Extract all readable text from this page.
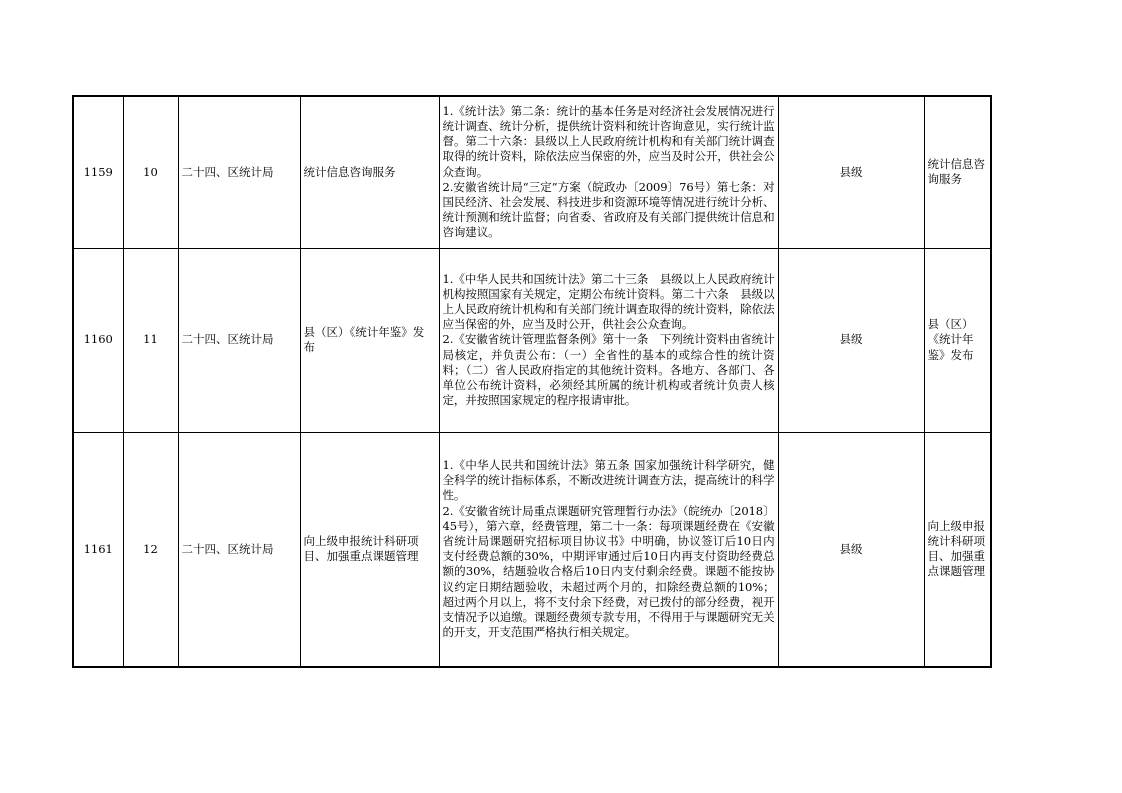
1159	10	二十四、区统计局	统计信息咨询服务	1.《统计法》第二条：统计的基本任务是对经济社会发展情况进行统计调查、统计分析，提供统计资料和统计咨询意见，实行统计监督。第二十六条：县级以上人民政府统计机构和有关部门统计调查取得的统计资料，除依法应当保密的外，应当及时公开，供社会公众查询。
2.安徽省统计局“三定”方案（皖政办〔2009〕76号）第七条：对国民经济、社会发展、科技进步和资源环境等情况进行统计分析、统计预测和统计监督；向省委、省政府及有关部门提供统计信息和咨询建议。	县级	统计信息咨询服务
1160	11	二十四、区统计局	县（区）《统计年鉴》发布	1.《中华人民共和国统计法》第二十三条　县级以上人民政府统计机构按照国家有关规定，定期公布统计资料。第二十六条　县级以上人民政府统计机构和有关部门统计调查取得的统计资料，除依法应当保密的外，应当及时公开，供社会公众查询。
2.《安徽省统计管理监督条例》第十一条　下列统计资料由省统计局核定，并负责公布：（一）全省性的基本的或综合性的统计资料；（二）省人民政府指定的其他统计资料。各地方、各部门、各单位公布统计资料，必须经其所属的统计机构或者统计负责人核定，并按照国家规定的程序报请审批。	县级	县（区）《统计年鉴》发布
1161	12	二十四、区统计局	向上级申报统计科研项目、加强重点课题管理	1.《中华人民共和国统计法》第五条 国家加强统计科学研究，健全科学的统计指标体系，不断改进统计调查方法，提高统计的科学性。
2.《安徽省统计局重点课题研究管理暂行办法》（皖统办〔2018〕45号），第六章，经费管理，第二十一条：每项课题经费在《安徽省统计局课题研究招标项目协议书》中明确，协议签订后10日内支付经费总额的30%，中期评审通过后10日内再支付资助经费总额的30%，结题验收合格后10日内支付剩余经费。课题不能按协议约定日期结题验收，未超过两个月的，扣除经费总额的10%；超过两个月以上，将不支付余下经费，对已拨付的部分经费，视开支情况予以追缴。课题经费须专款专用，不得用于与课题研究无关的开支，开支范围严格执行相关规定。	县级	向上级申报统计科研项目、加强重点课题管理
